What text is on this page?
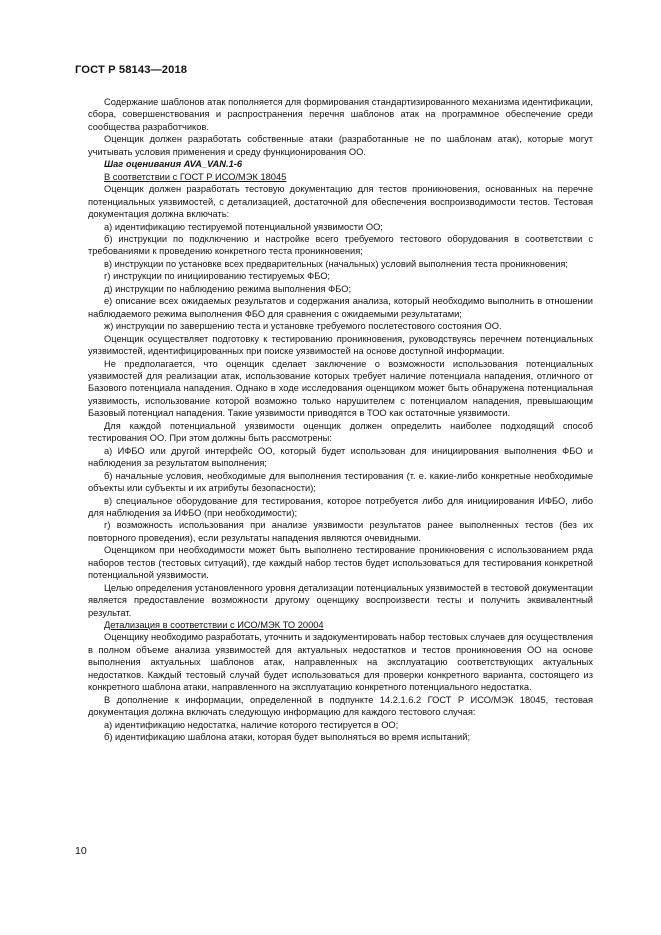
ГОСТ Р 58143—2018

Содержание шаблонов атак пополняется для формирования стандартизированного механизма идентификации, сбора, совершенствования и распространения перечня шаблонов атак на программное обеспечение среди сообщества разработчиков.

Оценщик должен разработать собственные атаки (разработанные не по шаблонам атак), которые могут учитывать условия применения и среду функционирования ОО.

Шаг оценивания AVA_VAN.1-6

В соответствии с ГОСТ Р ИСО/МЭК 18045

Оценщик должен разработать тестовую документацию для тестов проникновения, основанных на перечне потенциальных уязвимостей, с детализацией, достаточной для обеспечения воспроизводимости тестов. Тестовая документация должна включать:

а) идентификацию тестируемой потенциальной уязвимости ОО;

б) инструкции по подключению и настройке всего требуемого тестового оборудования в соответствии с требованиями к проведению конкретного теста проникновения;

в) инструкции по установке всех предварительных (начальных) условий выполнения теста проникновения;

г) инструкции по инициированию тестируемых ФБО;

д) инструкции по наблюдению режима выполнения ФБО;

е) описание всех ожидаемых результатов и содержания анализа, который необходимо выполнить в отношении наблюдаемого режима выполнения ФБО для сравнения с ожидаемыми результатами;

ж) инструкции по завершению теста и установке требуемого послетестового состояния ОО.

Оценщик осуществляет подготовку к тестированию проникновения, руководствуясь перечнем потенциальных уязвимостей, идентифицированных при поиске уязвимостей на основе доступной информации.

Не предполагается, что оценщик сделает заключение о возможности использования потенциальных уязвимостей для реализации атак, использование которых требует наличие потенциала нападения, отличного от Базового потенциала нападения. Однако в ходе исследования оценщиком может быть обнаружена потенциальная уязвимость, использование которой возможно только нарушителем с потенциалом нападения, превышающим Базовый потенциал нападения. Такие уязвимости приводятся в ТОО как остаточные уязвимости.

Для каждой потенциальной уязвимости оценщик должен определить наиболее подходящий способ тестирования ОО. При этом должны быть рассмотрены:

а) ИФБО или другой интерфейс ОО, который будет использован для инициирования выполнения ФБО и наблюдения за результатом выполнения;

б) начальные условия, необходимые для выполнения тестирования (т. е. какие-либо конкретные необходимые объекты или субъекты и их атрибуты безопасности);

в) специальное оборудование для тестирования, которое потребуется либо для инициирования ИФБО, либо для наблюдения за ИФБО (при необходимости);

г) возможность использования при анализе уязвимости результатов ранее выполненных тестов (без их повторного проведения), если результаты нападения являются очевидными.

Оценщиком при необходимости может быть выполнено тестирование проникновения с использованием ряда наборов тестов (тестовых ситуаций), где каждый набор тестов будет использоваться для тестирования конкретной потенциальной уязвимости.

Целью определения установленного уровня детализации потенциальных уязвимостей в тестовой документации является предоставление возможности другому оценщику воспроизвести тесты и получить эквивалентный результат.

Детализация в соответствии с ИСО/МЭК ТО 20004

Оценщику необходимо разработать, уточнить и задокументировать набор тестовых случаев для осуществления в полном объеме анализа уязвимостей для актуальных недостатков и тестов проникновения ОО на основе выполнения актуальных шаблонов атак, направленных на эксплуатацию соответствующих актуальных недостатков. Каждый тестовый случай будет использоваться для проверки конкретного варианта, состоящего из конкретного шаблона атаки, направленного на эксплуатацию конкретного потенциального недостатка.

В дополнение к информации, определенной в подпункте 14.2.1.6.2 ГОСТ Р ИСО/МЭК 18045, тестовая документация должна включать следующую информацию для каждого тестового случая:

а) идентификацию недостатка, наличие которого тестируется в ОО;

б) идентификацию шаблона атаки, которая будет выполняться во время испытаний;

10
